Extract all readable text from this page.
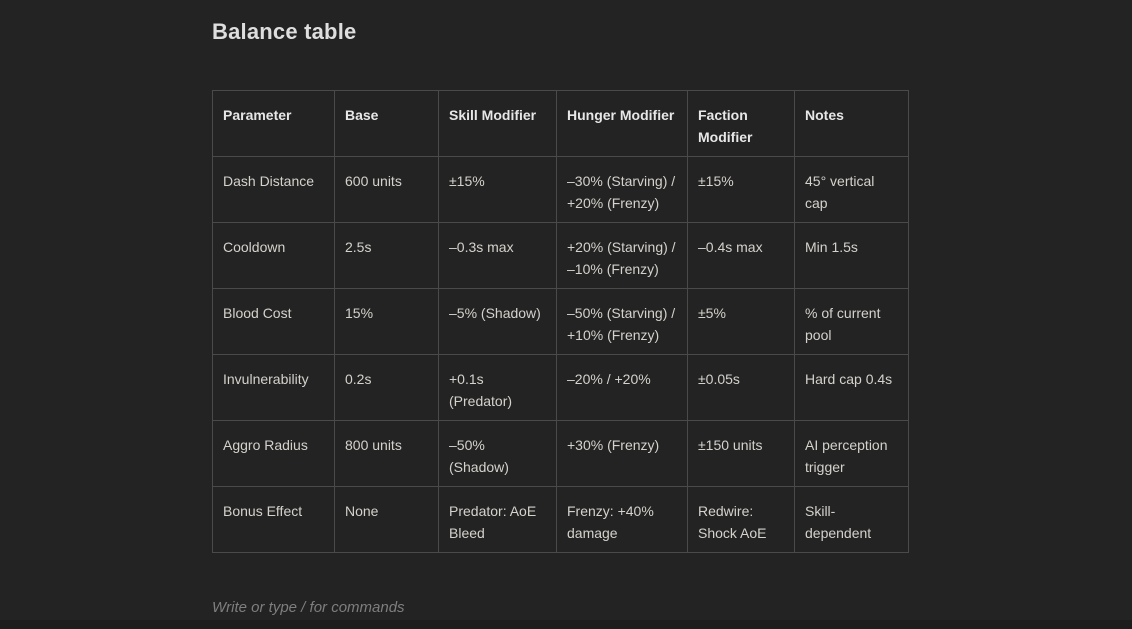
Balance table
Parameter	Base	Skill Modifier	Hunger Modifier	Faction Modifier	Notes
Dash Distance	600 units	±15%	–30% (Starving) / +20% (Frenzy)	±15%	45° vertical cap
Cooldown	2.5s	–0.3s max	+20% (Starving) / –10% (Frenzy)	–0.4s max	Min 1.5s
Blood Cost	15%	–5% (Shadow)	–50% (Starving) / +10% (Frenzy)	±5%	% of current pool
Invulnerability	0.2s	+0.1s (Predator)	–20% / +20%	±0.05s	Hard cap 0.4s
Aggro Radius	800 units	–50% (Shadow)	+30% (Frenzy)	±150 units	AI perception trigger
Bonus Effect	None	Predator: AoE Bleed	Frenzy: +40% damage	Redwire: Shock AoE	Skill-dependent
Write or type / for commands
